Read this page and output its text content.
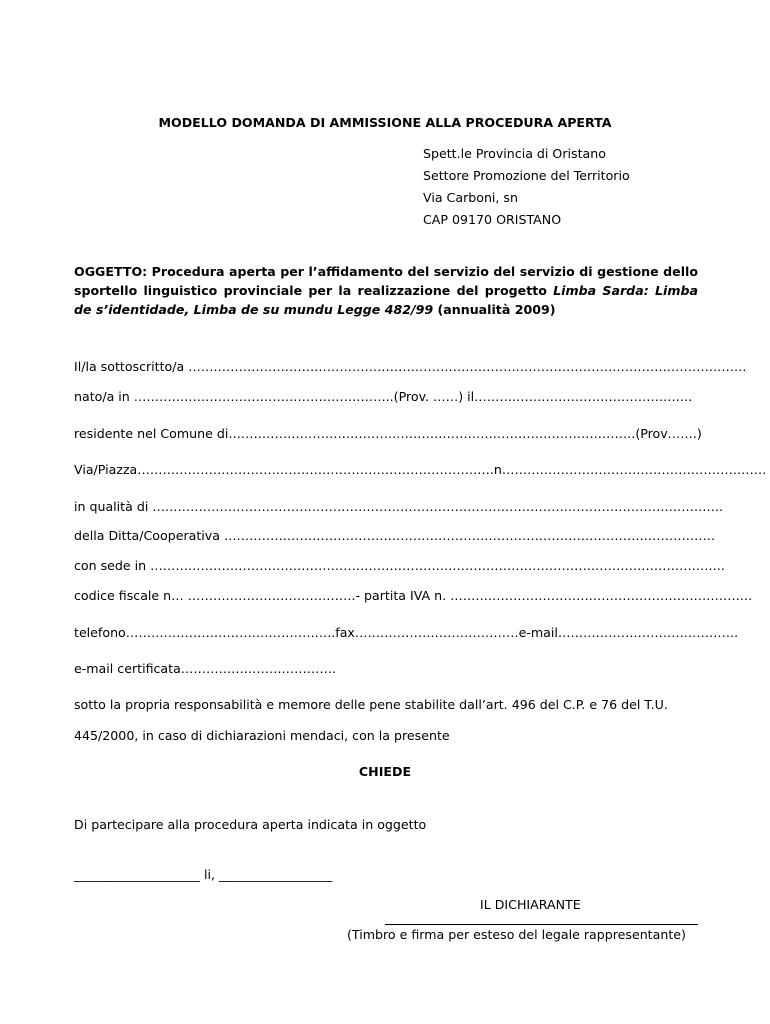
MODELLO DOMANDA DI AMMISSIONE ALLA PROCEDURA APERTA
Spett.le Provincia di Oristano
Settore Promozione del Territorio
Via Carboni, sn
CAP 09170 ORISTANO
OGGETTO: Procedura aperta per l’affidamento del servizio del servizio di gestione dello sportello linguistico provinciale per la realizzazione del progetto Limba Sarda: Limba de s’identidade, Limba de su mundu Legge 482/99 (annualità 2009)
Il/la sottoscritto/a …………………………………………………………………………………………………………………….
nato/a in ……………………………………………………..(Prov. ……) il…………………………………………….
residente nel Comune di…………………………………………………………………………………….(Prov…….)
Via/Piazza………………………………………………………………………….n………………………………………………………
in qualità di ……………………………………………………………………………………………………………………….
della Ditta/Cooperativa ………………………………………………………………………………………………………
con sede in ………………………………………………………………………………………………………………………..
codice fiscale n… ………………………………….- partita IVA n. ………………………………………………………………
telefono…………………………………………..fax…………………………………e-mail…………………………………….
e-mail certificata……………………………….
sotto la propria responsabilità e memore delle pene stabilite dall’art. 496 del C.P. e 76 del T.U.
445/2000, in caso di dichiarazioni mendaci, con la presente
CHIEDE
Di partecipare alla procedura aperta indicata in oggetto
____________________ li, __________________
IL DICHIARANTE
(Timbro e firma per esteso del legale rappresentante)
